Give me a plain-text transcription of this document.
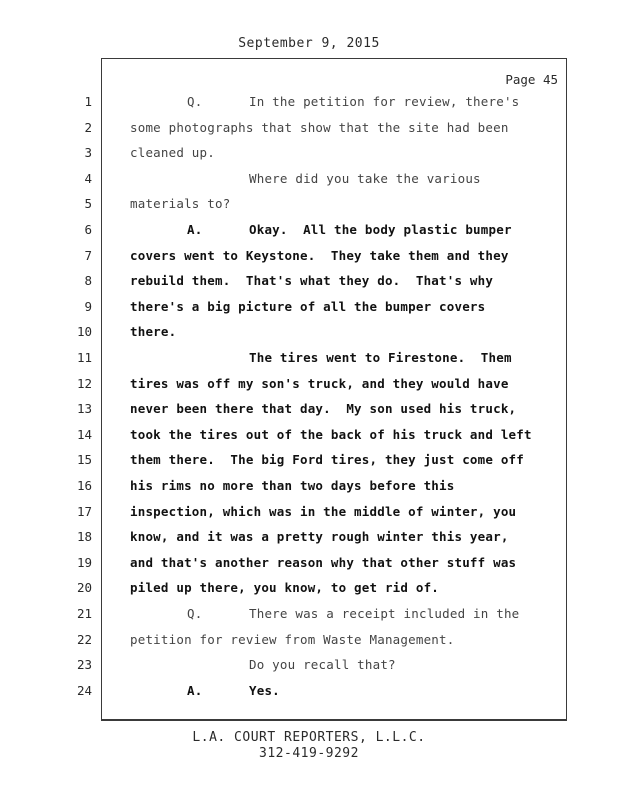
September 9, 2015
Page 45
1	Q.	In the petition for review, there's
2	some photographs that show that the site had been
3	cleaned up.
4	Where did you take the various
5	materials to?
6	A.	Okay.  All the body plastic bumper
7	covers went to Keystone.  They take them and they
8	rebuild them.  That's what they do.  That's why
9	there's a big picture of all the bumper covers
10	there.
11	The tires went to Firestone.  Them
12	tires was off my son's truck, and they would have
13	never been there that day.  My son used his truck,
14	took the tires out of the back of his truck and left
15	them there.  The big Ford tires, they just come off
16	his rims no more than two days before this
17	inspection, which was in the middle of winter, you
18	know, and it was a pretty rough winter this year,
19	and that's another reason why that other stuff was
20	piled up there, you know, to get rid of.
21	Q.	There was a receipt included in the
22	petition for review from Waste Management.
23	Do you recall that?
24	A.	Yes.
L.A. COURT REPORTERS, L.L.C.
312-419-9292
